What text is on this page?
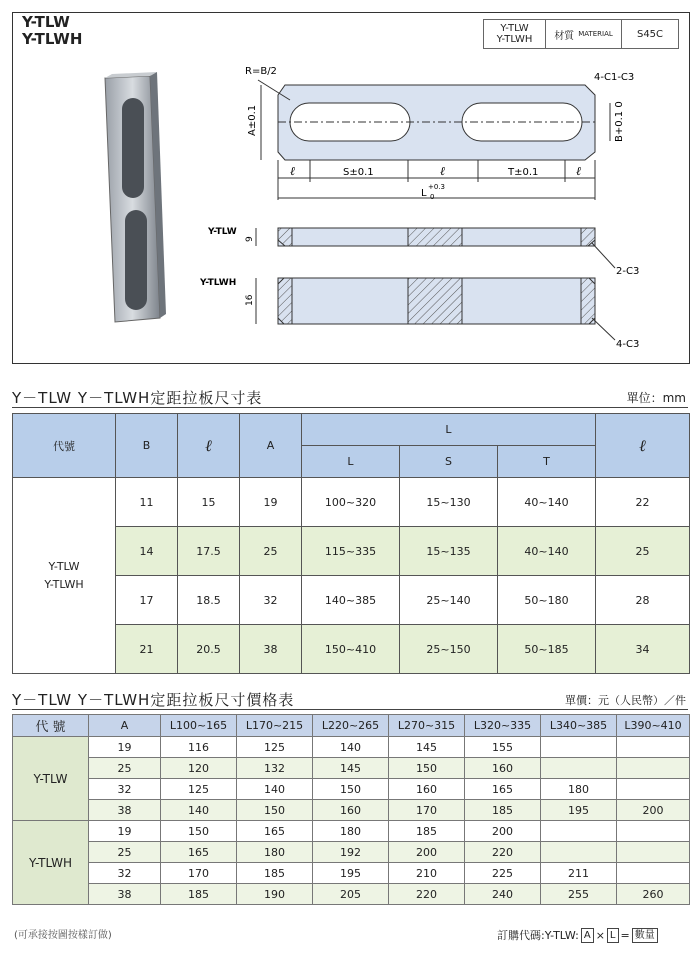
Y-TLW
Y-TLWH
Y-TLW
Y-TLWH 材質 MATERIAL	S45C
R=B/2
4-C1-C3
A±0.1	B+0.1 0
ℓ	S±0.1	ℓ	T±0.1	ℓ
L
+0.3
0
Y-TLW
9
2-C3
Y-TLWH
16
4-C3
Y－TLW Y－TLWH定距拉板尺寸表	單位：mm
代號	B	ℓ	A	L			ℓ
				L	S	T	

Y-TLW
Y-TLWH	11	15	19	100~320	15~130	40~140	22
	14	17.5	25	115~335	15~135	40~140	25
	17	18.5	32	140~385	25~140	50~180	28
	21	20.5	38	150~410	25~150	50~185	34
Y－TLW Y－TLWH定距拉板尺寸價格表	單價：元（人民幣）／件
代 號	A	L100~165	L170~215	L220~265	L270~315	L320~335	L340~385	L390~410
Y-TLW	19	116	125	140	145	155		
	25	120	132	145	150	160		
	32	125	140	150	160	165	180	
	38	140	150	160	170	185	195	200
Y-TLWH	19	150	165	180	185	200		
	25	165	180	192	200	220		
	32	170	185	195	210	225	211	
	38	185	190	205	220	240	255	260
(可承接按圖按樣訂做)	訂購代碼:Y-TLW: A × L = 數量
